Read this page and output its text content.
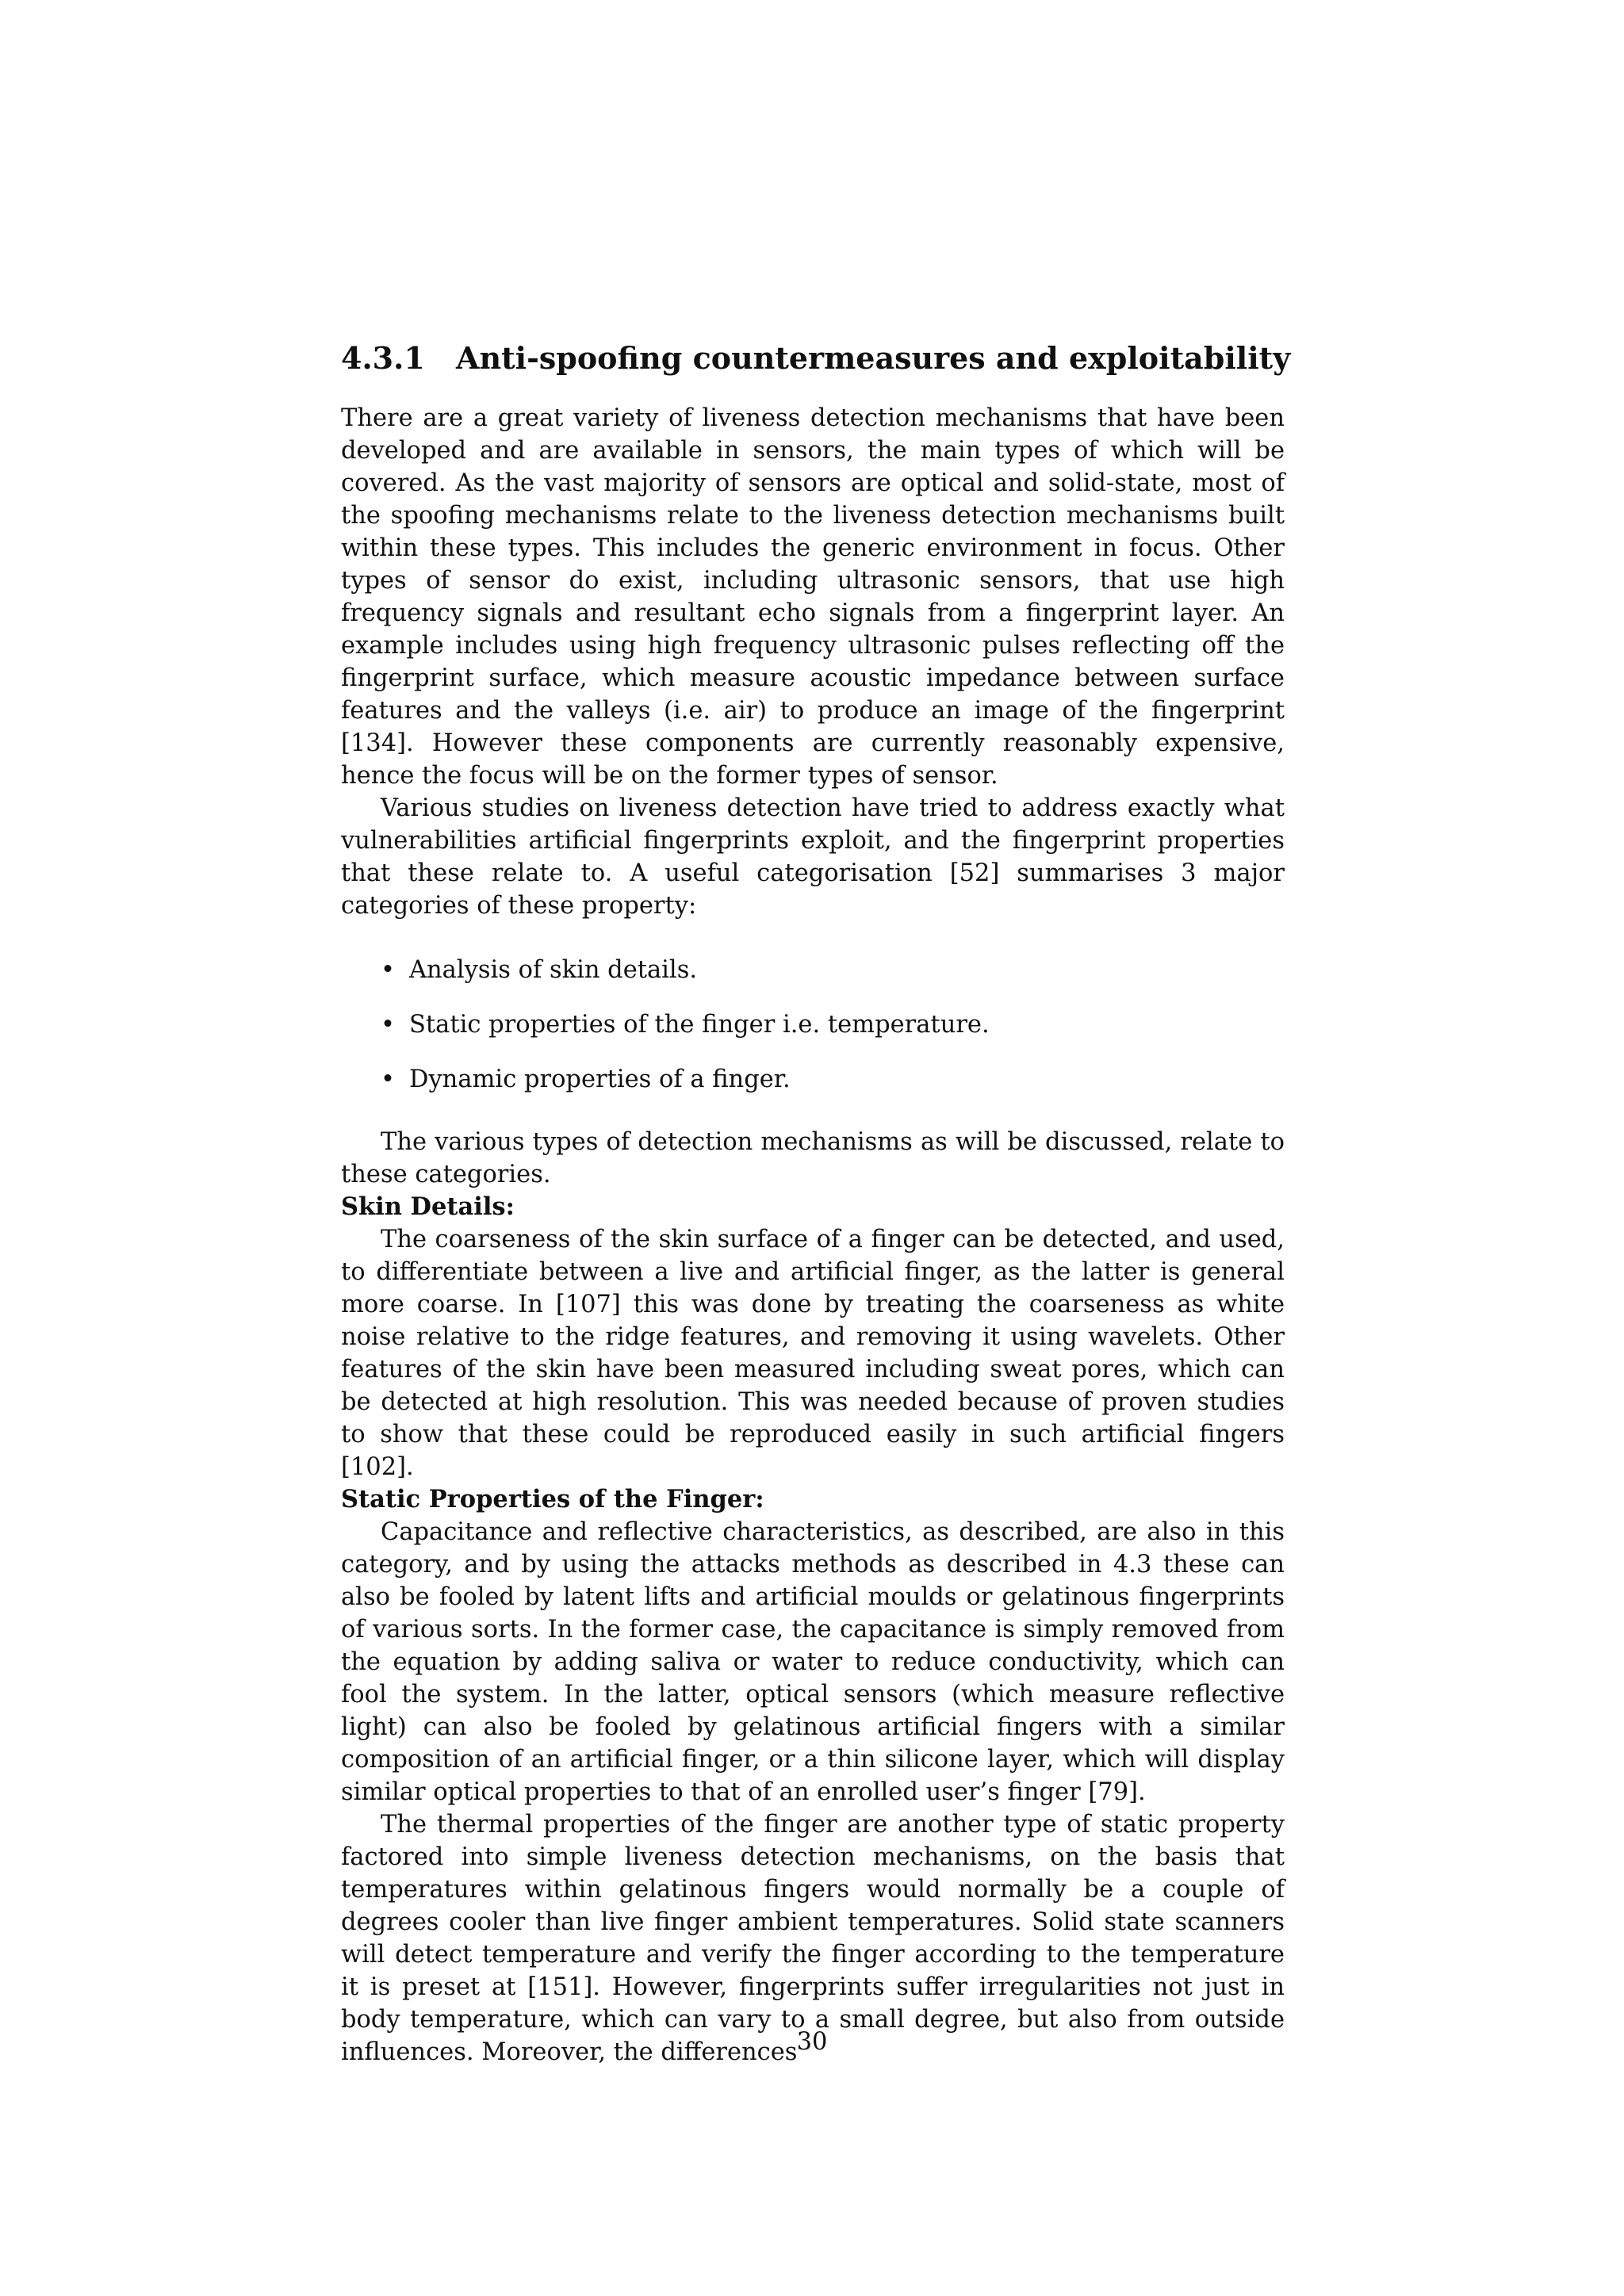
4.3.1 Anti-spoofing countermeasures and exploitability

There are a great variety of liveness detection mechanisms that have been developed and are available in sensors, the main types of which will be covered. As the vast majority of sensors are optical and solid-state, most of the spoofing mechanisms relate to the liveness detection mechanisms built within these types. This includes the generic environment in focus. Other types of sensor do exist, including ultrasonic sensors, that use high frequency signals and resultant echo signals from a fingerprint layer. An example includes using high frequency ultrasonic pulses reflecting off the fingerprint surface, which measure acoustic impedance between surface features and the valleys (i.e. air) to produce an image of the fingerprint [134]. However these components are currently reasonably expensive, hence the focus will be on the former types of sensor.

Various studies on liveness detection have tried to address exactly what vulnerabilities artificial fingerprints exploit, and the fingerprint properties that these relate to. A useful categorisation [52] summarises 3 major categories of these property:

• Analysis of skin details.
• Static properties of the finger i.e. temperature.
• Dynamic properties of a finger.

The various types of detection mechanisms as will be discussed, relate to these categories.

Skin Details:

The coarseness of the skin surface of a finger can be detected, and used, to differentiate between a live and artificial finger, as the latter is general more coarse. In [107] this was done by treating the coarseness as white noise relative to the ridge features, and removing it using wavelets. Other features of the skin have been measured including sweat pores, which can be detected at high resolution. This was needed because of proven studies to show that these could be reproduced easily in such artificial fingers [102].

Static Properties of the Finger:

Capacitance and reflective characteristics, as described, are also in this category, and by using the attacks methods as described in 4.3 these can also be fooled by latent lifts and artificial moulds or gelatinous fingerprints of various sorts. In the former case, the capacitance is simply removed from the equation by adding saliva or water to reduce conductivity, which can fool the system. In the latter, optical sensors (which measure reflective light) can also be fooled by gelatinous artificial fingers with a similar composition of an artificial finger, or a thin silicone layer, which will display similar optical properties to that of an enrolled user’s finger [79].

The thermal properties of the finger are another type of static property factored into simple liveness detection mechanisms, on the basis that temperatures within gelatinous fingers would normally be a couple of degrees cooler than live finger ambient temperatures. Solid state scanners will detect temperature and verify the finger according to the temperature it is preset at [151]. However, fingerprints suffer irregularities not just in body temperature, which can vary to a small degree, but also from outside influences. Moreover, the differences 30
